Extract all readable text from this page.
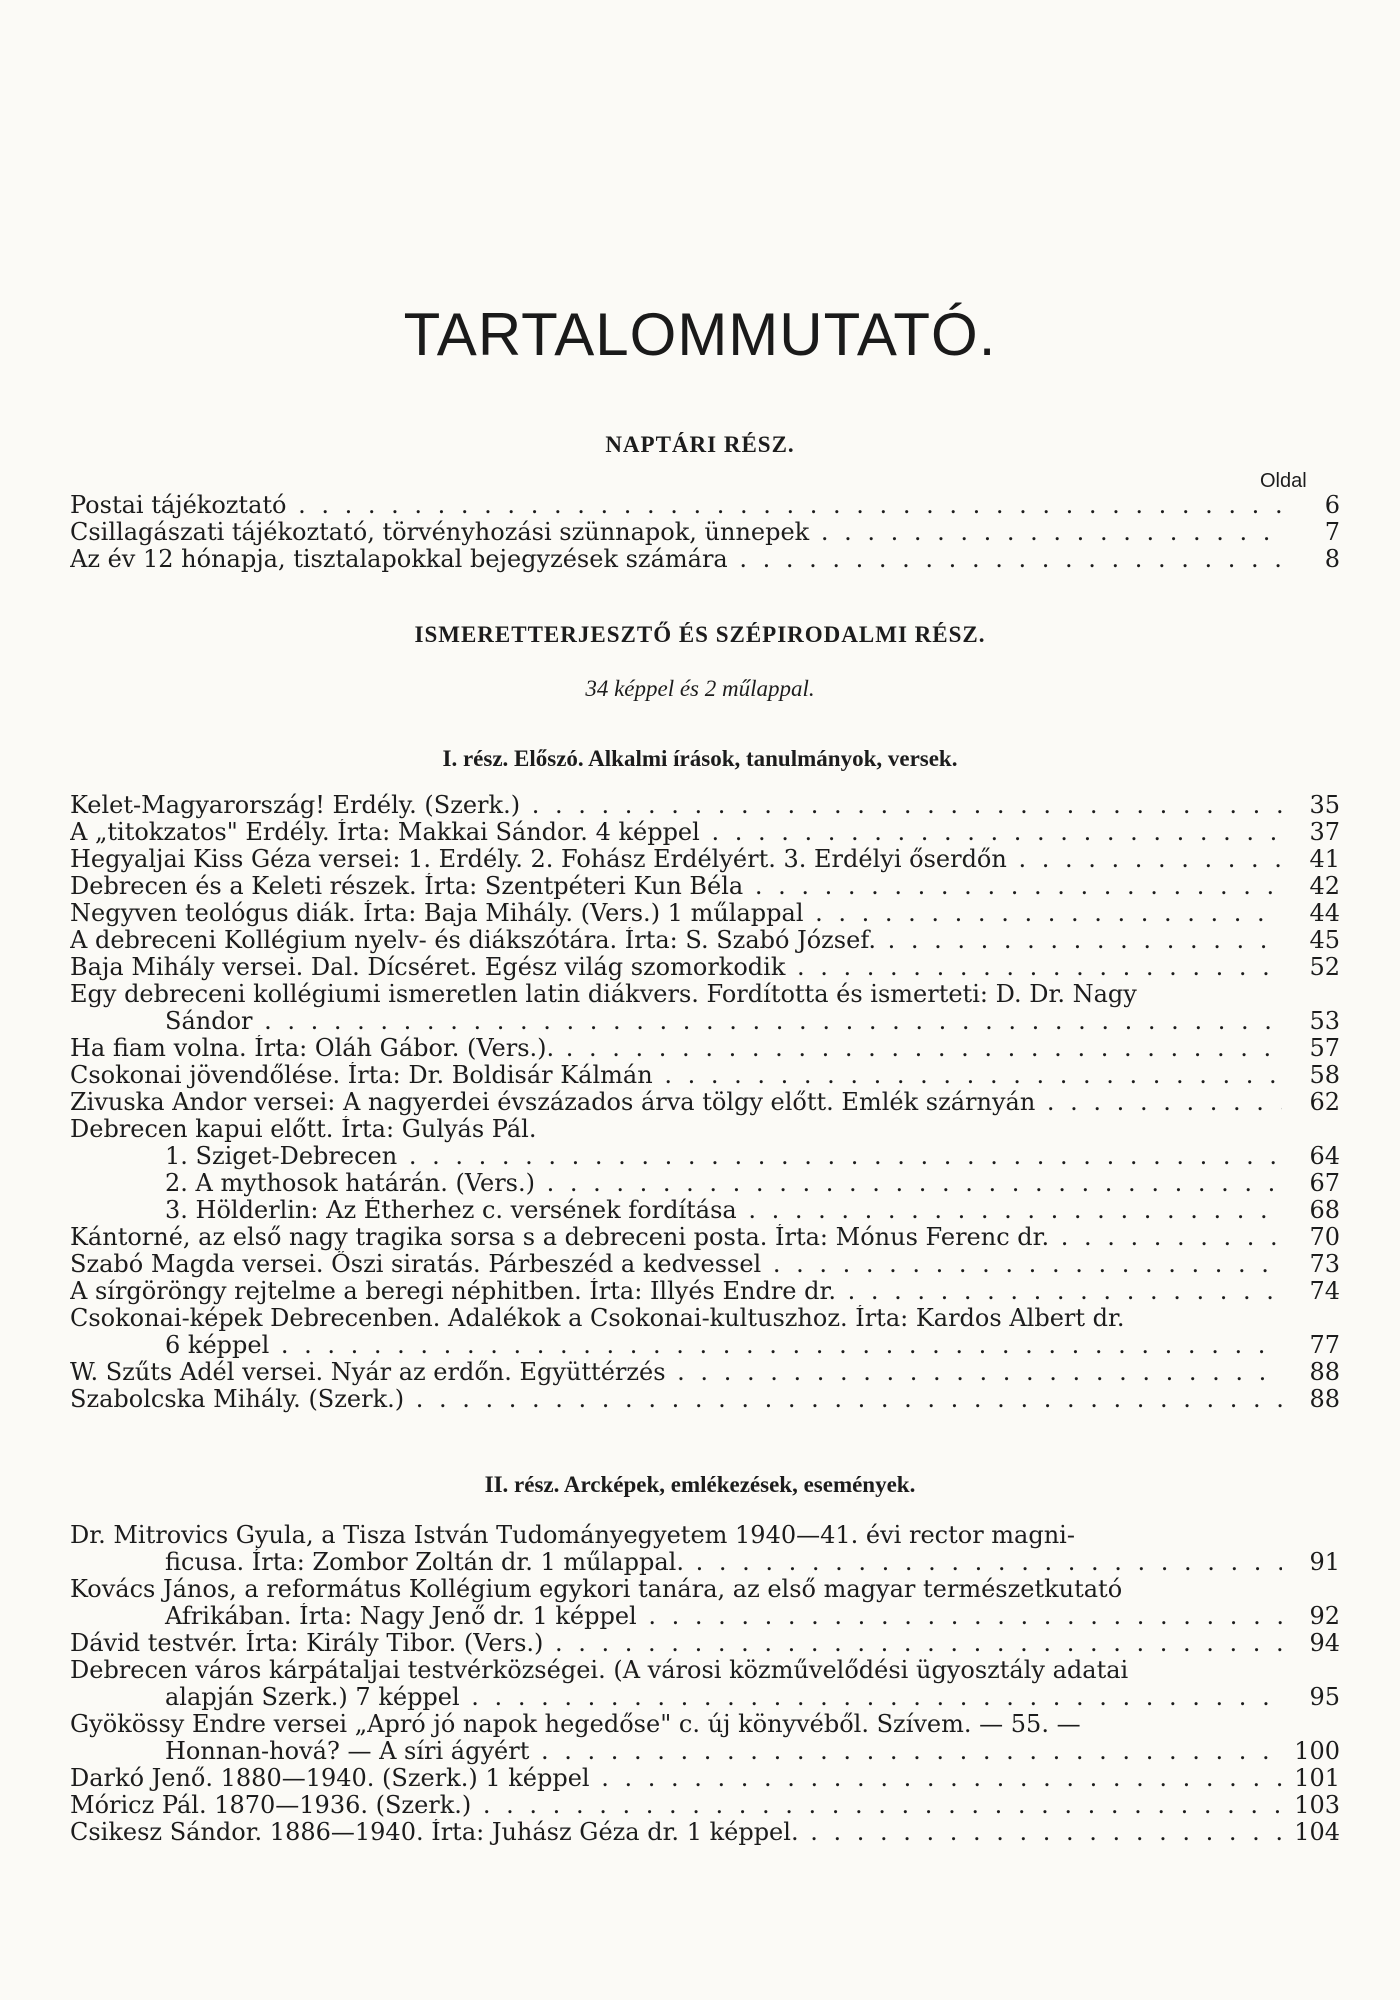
TARTALOMMUTATÓ.
NAPTÁRI RÉSZ.
Oldal
Postai tájékoztató . . .	6
Csillagászati tájékoztató, törvényhozási szünnapok, ünnepek . . .	7
Az év 12 hónapja, tisztalapokkal bejegyzések számára . . .	8
ISMERETTERJESZTŐ ÉS SZÉPIRODALMI RÉSZ.
34 képpel és 2 műlappal.
I. rész. Előszó. Alkalmi írások, tanulmányok, versek.
Kelet-Magyarország! Erdély. (Szerk.) . . .	35
A „titokzatos" Erdély. Írta: Makkai Sándor. 4 képpel . . .	37
Hegyaljai Kiss Géza versei: 1. Erdély. 2. Fohász Erdélyért. 3. Erdélyi őserdőn . . .	41
Debrecen és a Keleti részek. Írta: Szentpéteri Kun Béla . . .	42
Negyven teológus diák. Írta: Baja Mihály. (Vers.) 1 műlappal . . .	44
A debreceni Kollégium nyelv- és diákszótára. Írta: S. Szabó József. . . .	45
Baja Mihály versei. Dal. Dícséret. Egész világ szomorkodik . . .	52
Egy debreceni kollégiumi ismeretlen latin diákvers. Fordította és ismerteti: D. Dr. Nagy
Sándor . . .	53
Ha fiam volna. Írta: Oláh Gábor. (Vers.). . . .	57
Csokonai jövendőlése. Írta: Dr. Boldisár Kálmán . . .	58
Zivuska Andor versei: A nagyerdei évszázados árva tölgy előtt. Emlék szárnyán . . .	62
Debrecen kapui előtt. Írta: Gulyás Pál.
1. Sziget-Debrecen . . .	64
2. A mythosok határán. (Vers.) . . .	67
3. Hölderlin: Az Étherhez c. versének fordítása . . .	68
Kántorné, az első nagy tragika sorsa s a debreceni posta. Írta: Mónus Ferenc dr. . . .	70
Szabó Magda versei. Őszi siratás. Párbeszéd a kedvessel . . .	73
A sírgöröngy rejtelme a beregi néphitben. Írta: Illyés Endre dr. . . .	74
Csokonai-képek Debrecenben. Adalékok a Csokonai-kultuszhoz. Írta: Kardos Albert dr.
6 képpel . . .	77
W. Szűts Adél versei. Nyár az erdőn. Együttérzés . . .	88
Szabolcska Mihály. (Szerk.) . . .	88
II. rész. Arcképek, emlékezések, események.
Dr. Mitrovics Gyula, a Tisza István Tudományegyetem 1940—41. évi rector magni-
ficusa. Írta: Zombor Zoltán dr. 1 műlappal. . . .	91
Kovács János, a református Kollégium egykori tanára, az első magyar természetkutató
Afrikában. Írta: Nagy Jenő dr. 1 képpel . . .	92
Dávid testvér. Írta: Király Tibor. (Vers.) . . .	94
Debrecen város kárpátaljai testvérközségei. (A városi közművelődési ügyosztály adatai
alapján Szerk.) 7 képpel . . .	95
Gyökössy Endre versei „Apró jó napok hegedőse" c. új könyvéből. Szívem. — 55. —
Honnan-hová? — A síri ágyért . . .	100
Darkó Jenő. 1880—1940. (Szerk.) 1 képpel . . .	101
Móricz Pál. 1870—1936. (Szerk.) . . .	103
Csikesz Sándor. 1886—1940. Írta: Juhász Géza dr. 1 képpel. . . .	104
